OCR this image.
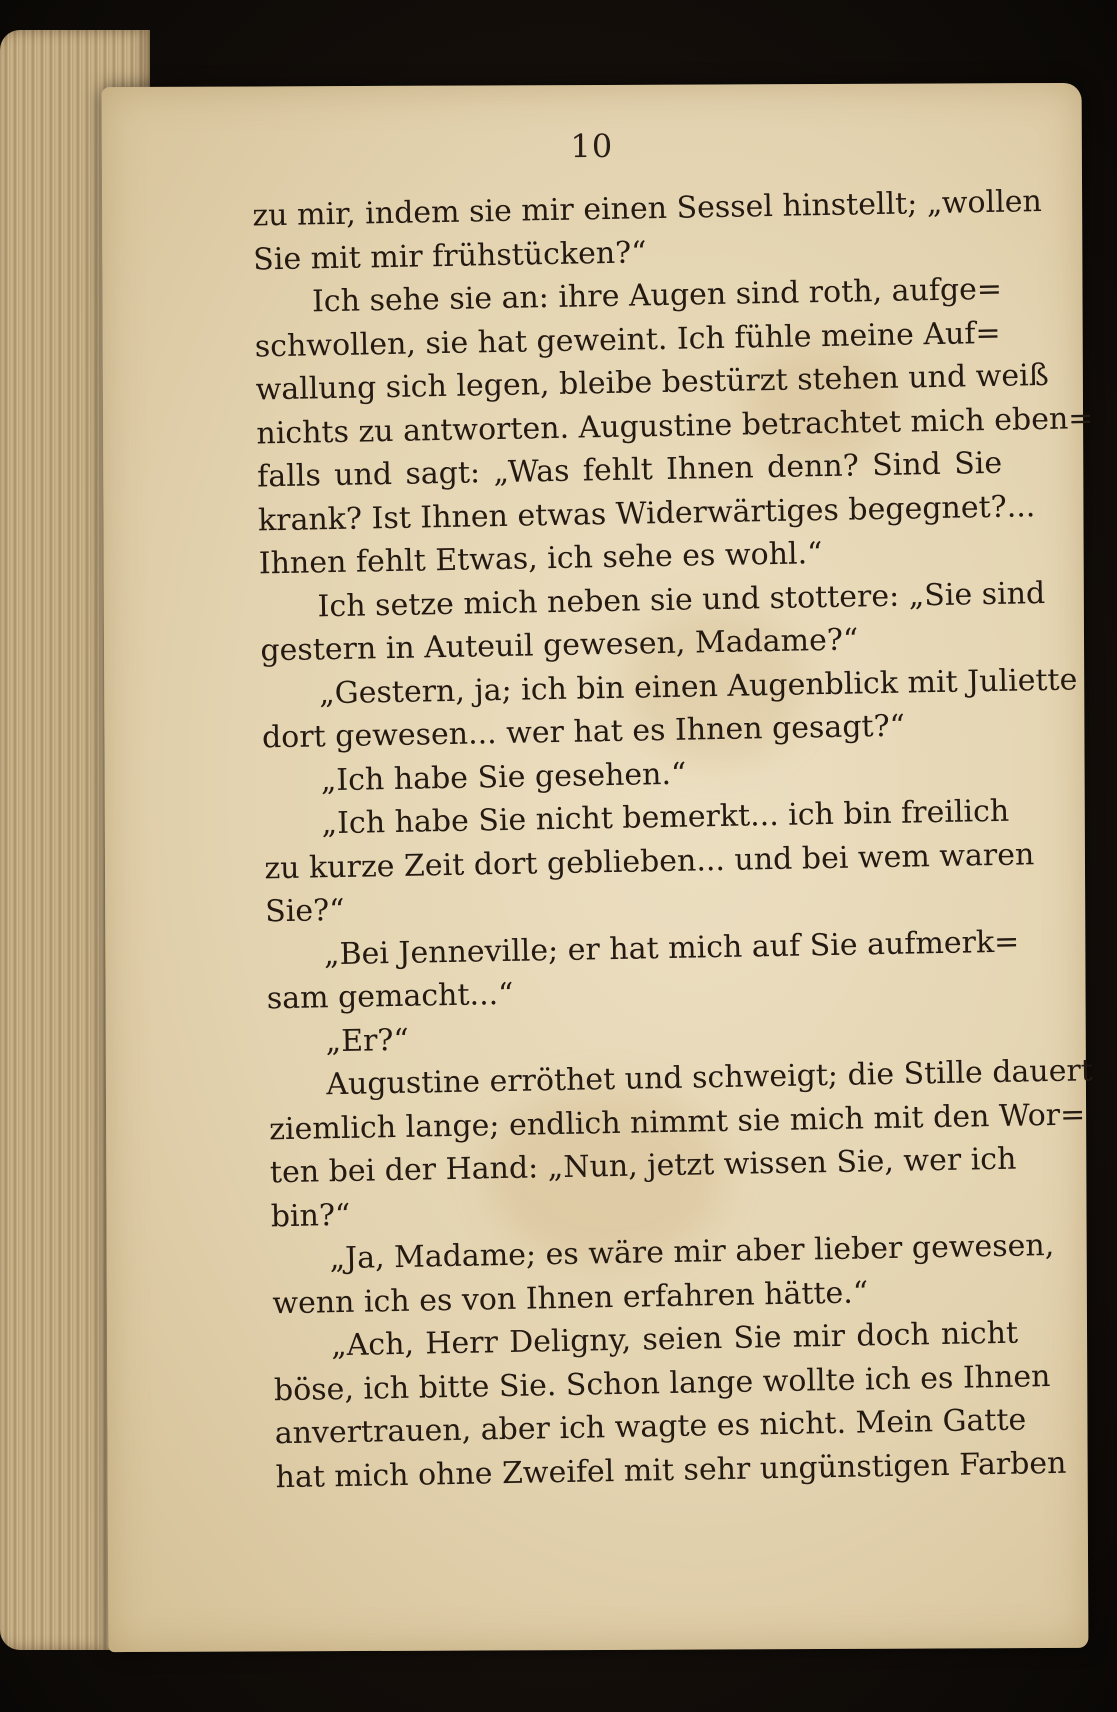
10
zu mir, indem sie mir einen Sessel hinstellt; „wollen
Sie mit mir frühstücken?“
Ich sehe sie an: ihre Augen sind roth, aufge=
schwollen, sie hat geweint. Ich fühle meine Auf=
wallung sich legen, bleibe bestürzt stehen und weiß
nichts zu antworten. Augustine betrachtet mich eben=
falls und sagt: „Was fehlt Ihnen denn? Sind Sie
krank? Ist Ihnen etwas Widerwärtiges begegnet?...
Ihnen fehlt Etwas, ich sehe es wohl.“
Ich setze mich neben sie und stottere: „Sie sind
gestern in Auteuil gewesen, Madame?“
„Gestern, ja; ich bin einen Augenblick mit Juliette
dort gewesen... wer hat es Ihnen gesagt?“
„Ich habe Sie gesehen.“
„Ich habe Sie nicht bemerkt... ich bin freilich
zu kurze Zeit dort geblieben... und bei wem waren
Sie?“
„Bei Jenneville; er hat mich auf Sie aufmerk=
sam gemacht...“
„Er?“
Augustine erröthet und schweigt; die Stille dauert
ziemlich lange; endlich nimmt sie mich mit den Wor=
ten bei der Hand: „Nun, jetzt wissen Sie, wer ich
bin?“
„Ja, Madame; es wäre mir aber lieber gewesen,
wenn ich es von Ihnen erfahren hätte.“
„Ach, Herr Deligny, seien Sie mir doch nicht
böse, ich bitte Sie. Schon lange wollte ich es Ihnen
anvertrauen, aber ich wagte es nicht. Mein Gatte
hat mich ohne Zweifel mit sehr ungünstigen Farben
